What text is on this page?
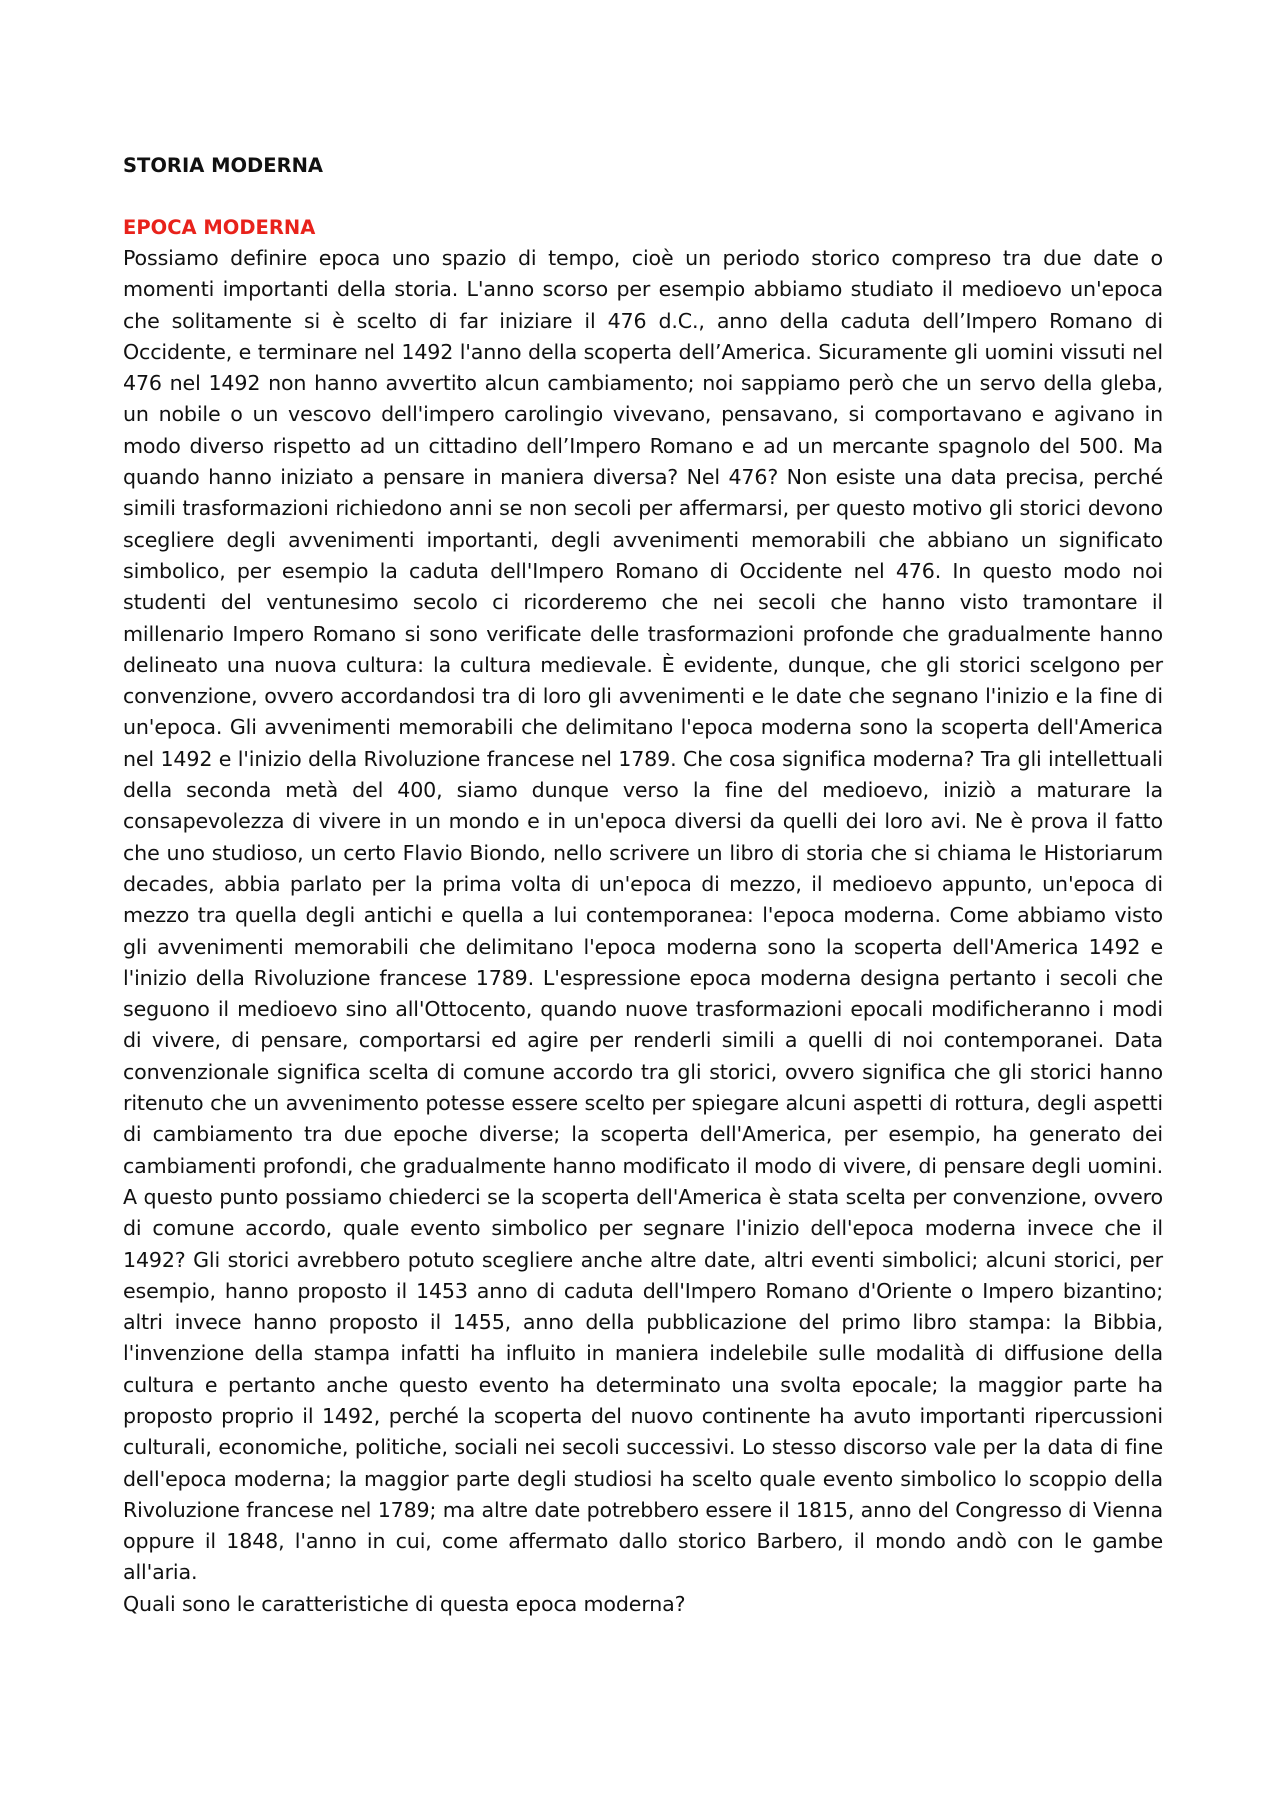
STORIA MODERNA

EPOCA MODERNA

Possiamo definire epoca uno spazio di tempo, cioè un periodo storico compreso tra due date o momenti importanti della storia. L'anno scorso per esempio abbiamo studiato il medioevo un'epoca che solitamente si è scelto di far iniziare il 476 d.C., anno della caduta dell’Impero Romano di Occidente, e terminare nel 1492 l'anno della scoperta dell’America. Sicuramente gli uomini vissuti nel 476 nel 1492 non hanno avvertito alcun cambiamento; noi sappiamo però che un servo della gleba, un nobile o un vescovo dell'impero carolingio vivevano, pensavano, si comportavano e agivano in modo diverso rispetto ad un cittadino dell’Impero Romano e ad un mercante spagnolo del 500. Ma quando hanno iniziato a pensare in maniera diversa? Nel 476? Non esiste una data precisa, perché simili trasformazioni richiedono anni se non secoli per affermarsi, per questo motivo gli storici devono scegliere degli avvenimenti importanti, degli avvenimenti memorabili che abbiano un significato simbolico, per esempio la caduta dell'Impero Romano di Occidente nel 476. In questo modo noi studenti del ventunesimo secolo ci ricorderemo che nei secoli che hanno visto tramontare il millenario Impero Romano si sono verificate delle trasformazioni profonde che gradualmente hanno delineato una nuova cultura: la cultura medievale. È evidente, dunque, che gli storici scelgono per convenzione, ovvero accordandosi tra di loro gli avvenimenti e le date che segnano l'inizio e la fine di un'epoca. Gli avvenimenti memorabili che delimitano l'epoca moderna sono la scoperta dell'America nel 1492 e l'inizio della Rivoluzione francese nel 1789. Che cosa significa moderna? Tra gli intellettuali della seconda metà del 400, siamo dunque verso la fine del medioevo, iniziò a maturare la consapevolezza di vivere in un mondo e in un'epoca diversi da quelli dei loro avi. Ne è prova il fatto che uno studioso, un certo Flavio Biondo, nello scrivere un libro di storia che si chiama le Historiarum decades, abbia parlato per la prima volta di un'epoca di mezzo, il medioevo appunto, un'epoca di mezzo tra quella degli antichi e quella a lui contemporanea: l'epoca moderna. Come abbiamo visto gli avvenimenti memorabili che delimitano l'epoca moderna sono la scoperta dell'America 1492 e l'inizio della Rivoluzione francese 1789. L'espressione epoca moderna designa pertanto i secoli che seguono il medioevo sino all'Ottocento, quando nuove trasformazioni epocali modificheranno i modi di vivere, di pensare, comportarsi ed agire per renderli simili a quelli di noi contemporanei. Data convenzionale significa scelta di comune accordo tra gli storici, ovvero significa che gli storici hanno ritenuto che un avvenimento potesse essere scelto per spiegare alcuni aspetti di rottura, degli aspetti di cambiamento tra due epoche diverse; la scoperta dell'America, per esempio, ha generato dei cambiamenti profondi, che gradualmente hanno modificato il modo di vivere, di pensare degli uomini. A questo punto possiamo chiederci se la scoperta dell'America è stata scelta per convenzione, ovvero di comune accordo, quale evento simbolico per segnare l'inizio dell'epoca moderna invece che il 1492? Gli storici avrebbero potuto scegliere anche altre date, altri eventi simbolici; alcuni storici, per esempio, hanno proposto il 1453 anno di caduta dell'Impero Romano d'Oriente o Impero bizantino; altri invece hanno proposto il 1455, anno della pubblicazione del primo libro stampa: la Bibbia, l'invenzione della stampa infatti ha influito in maniera indelebile sulle modalità di diffusione della cultura e pertanto anche questo evento ha determinato una svolta epocale; la maggior parte ha proposto proprio il 1492, perché la scoperta del nuovo continente ha avuto importanti ripercussioni culturali, economiche, politiche, sociali nei secoli successivi. Lo stesso discorso vale per la data di fine dell'epoca moderna; la maggior parte degli studiosi ha scelto quale evento simbolico lo scoppio della Rivoluzione francese nel 1789; ma altre date potrebbero essere il 1815, anno del Congresso di Vienna oppure il 1848, l'anno in cui, come affermato dallo storico Barbero, il mondo andò con le gambe all'aria.

Quali sono le caratteristiche di questa epoca moderna?
